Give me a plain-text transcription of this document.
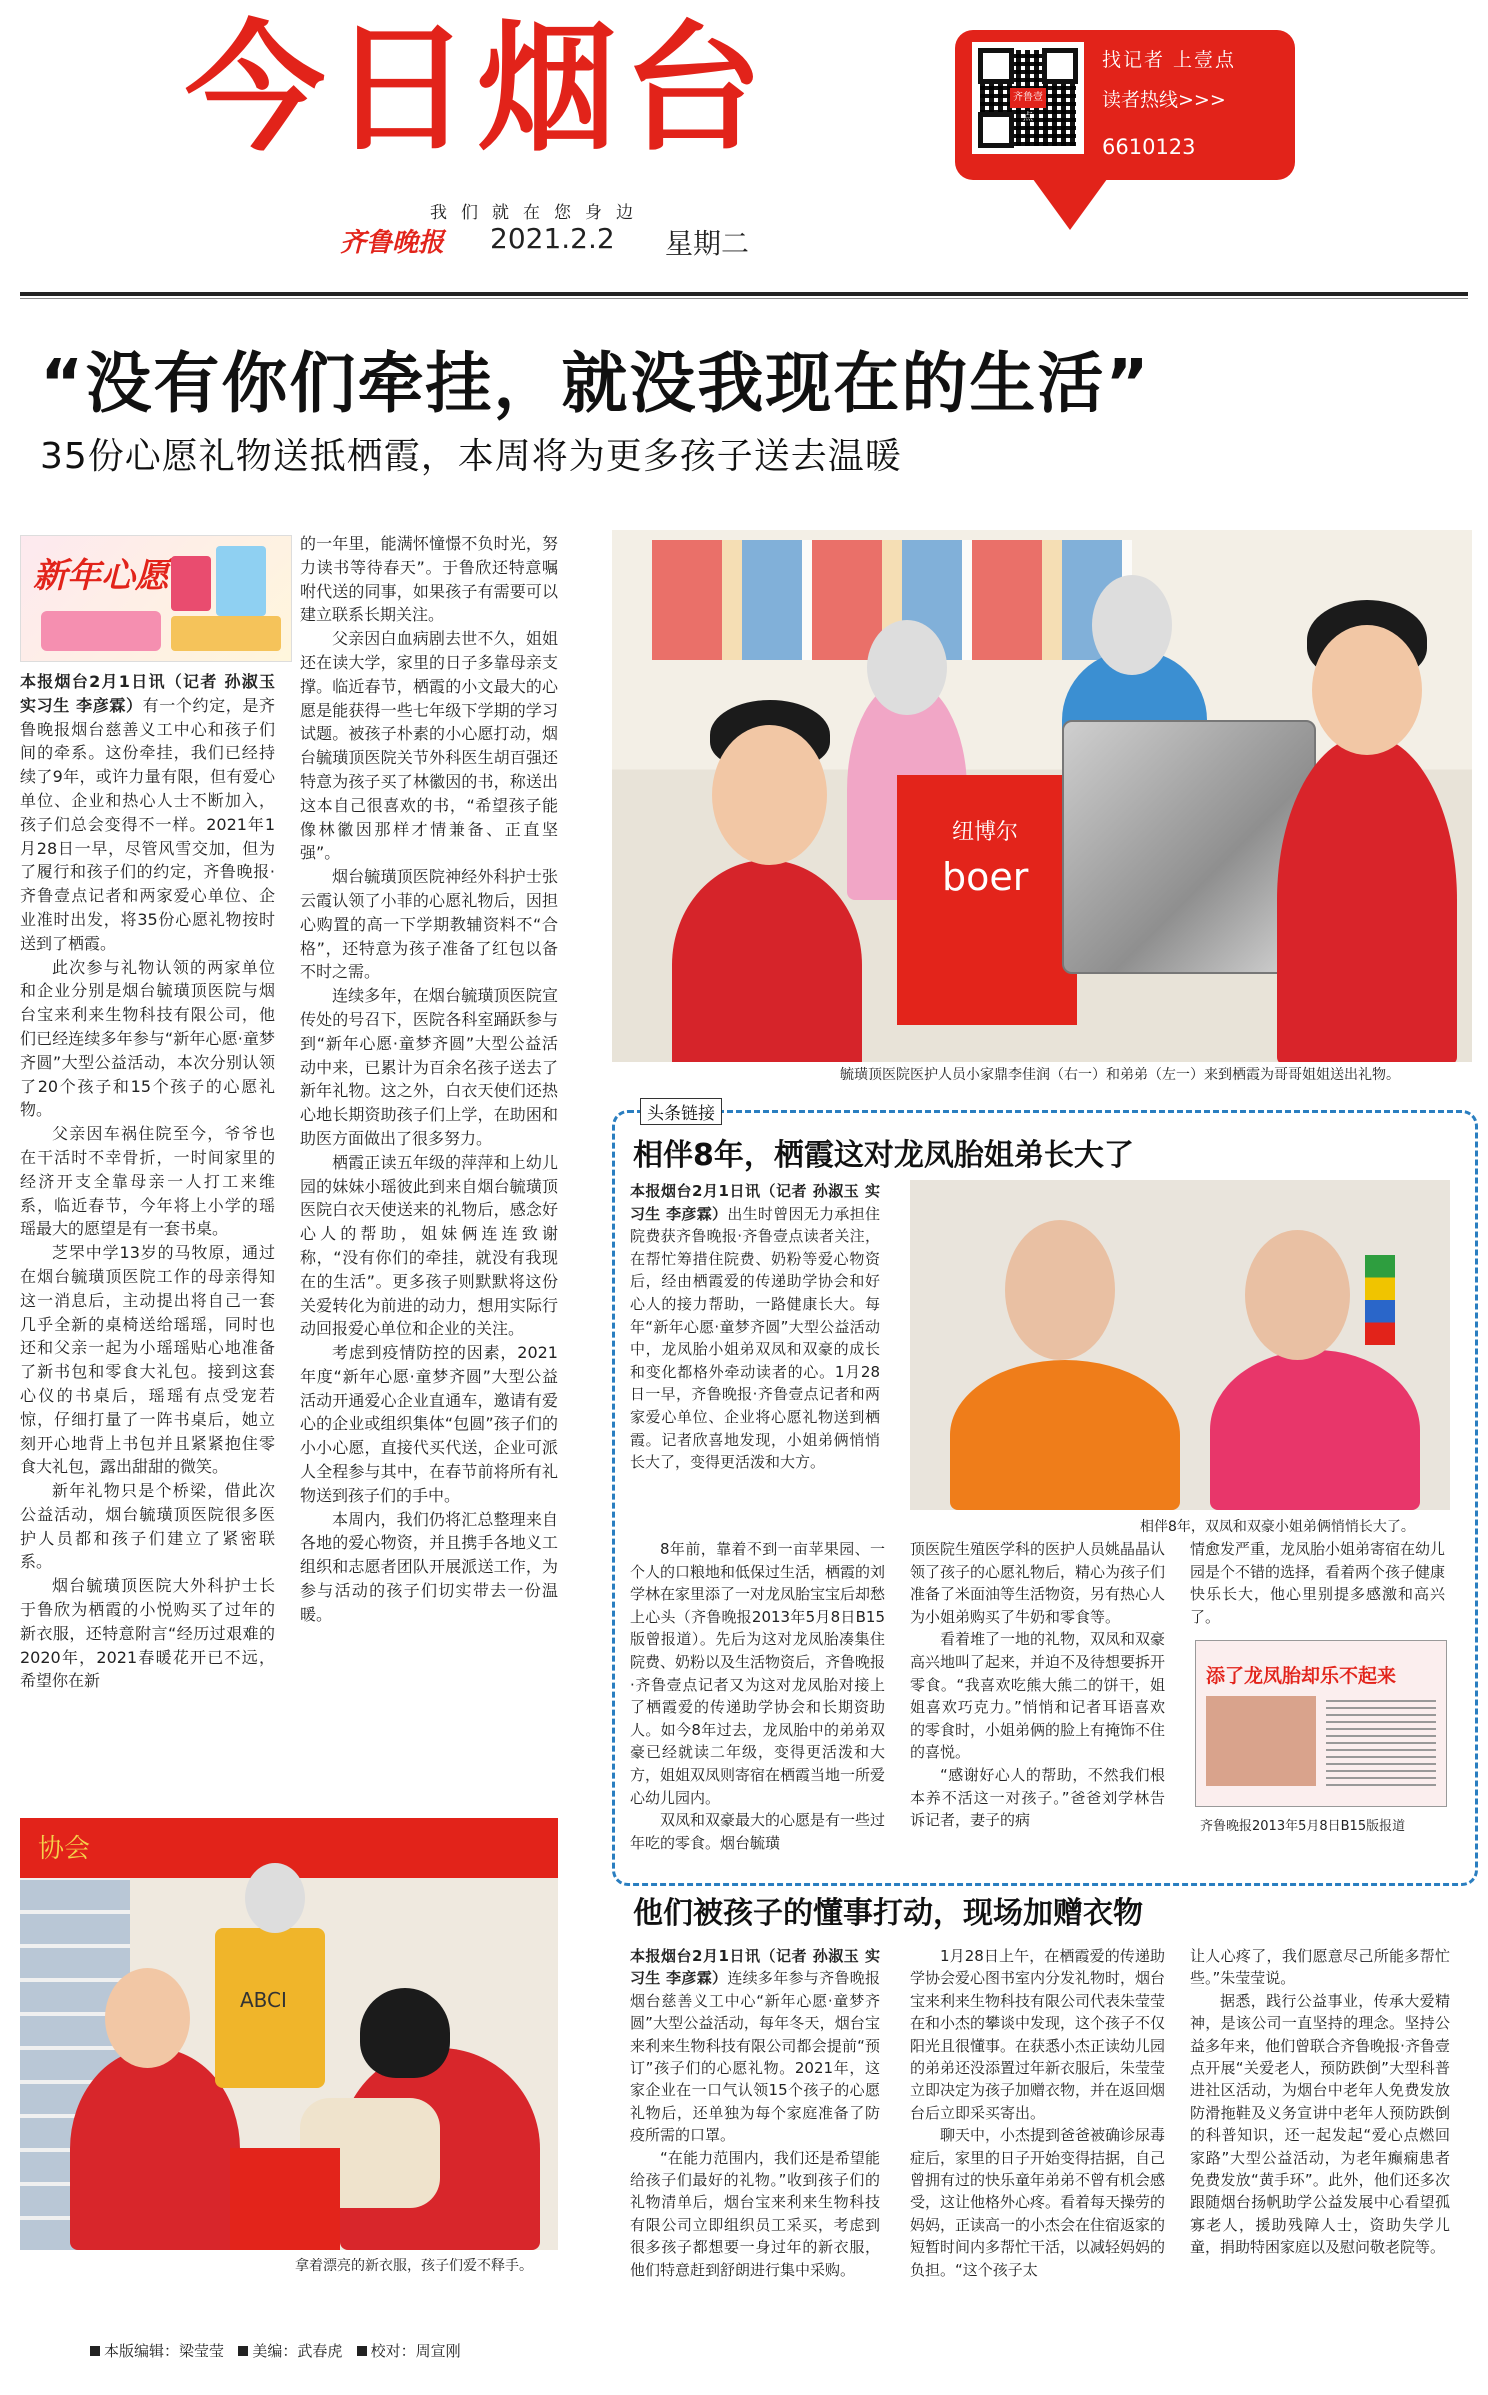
今日烟台
我们就在您身边
齐鲁晚报 2021.2.2 星期二
齐鲁壹点
找记者 上壹点
读者热线>>>
6610123
“没有你们牵挂，就没我现在的生活”
35份心愿礼物送抵栖霞，本周将为更多孩子送去温暖
新年心愿

本报烟台2月1日讯（记者 孙淑玉 实习生 李彦霖）有一个约定，是齐鲁晚报烟台慈善义工中心和孩子们间的牵系。这份牵挂，我们已经持续了9年，或许力量有限，但有爱心单位、企业和热心人士不断加入，孩子们总会变得不一样。2021年1月28日一早，尽管风雪交加，但为了履行和孩子们的约定，齐鲁晚报·齐鲁壹点记者和两家爱心单位、企业准时出发，将35份心愿礼物按时送到了栖霞。

此次参与礼物认领的两家单位和企业分别是烟台毓璜顶医院与烟台宝来利来生物科技有限公司，他们已经连续多年参与“新年心愿·童梦齐圆”大型公益活动，本次分别认领了20个孩子和15个孩子的心愿礼物。

父亲因车祸住院至今，爷爷也在干活时不幸骨折，一时间家里的经济开支全靠母亲一人打工来维系，临近春节，今年将上小学的瑶瑶最大的愿望是有一套书桌。

芝罘中学13岁的马牧原，通过在烟台毓璜顶医院工作的母亲得知这一消息后，主动提出将自己一套几乎全新的桌椅送给瑶瑶，同时也还和父亲一起为小瑶瑶贴心地准备了新书包和零食大礼包。接到这套心仪的书桌后，瑶瑶有点受宠若惊，仔细打量了一阵书桌后，她立刻开心地背上书包并且紧紧抱住零食大礼包，露出甜甜的微笑。

新年礼物只是个桥梁，借此次公益活动，烟台毓璜顶医院很多医护人员都和孩子们建立了紧密联系。

烟台毓璜顶医院大外科护士长于鲁欣为栖霞的小悦购买了过年的新衣服，还特意附言“经历过艰难的2020年，2021春暖花开已不远，希望你在新

的一年里，能满怀憧憬不负时光，努力读书等待春天”。于鲁欣还特意嘱咐代送的同事，如果孩子有需要可以建立联系长期关注。

父亲因白血病剧去世不久，姐姐还在读大学，家里的日子多靠母亲支撑。临近春节，栖霞的小文最大的心愿是能获得一些七年级下学期的学习试题。被孩子朴素的小心愿打动，烟台毓璜顶医院关节外科医生胡百强还特意为孩子买了林徽因的书，称送出这本自己很喜欢的书，“希望孩子能像林徽因那样才情兼备、正直坚强”。

烟台毓璜顶医院神经外科护士张云霞认领了小菲的心愿礼物后，因担心购置的高一下学期教辅资料不“合格”，还特意为孩子准备了红包以备不时之需。

连续多年，在烟台毓璜顶医院宣传处的号召下，医院各科室踊跃参与到“新年心愿·童梦齐圆”大型公益活动中来，已累计为百余名孩子送去了新年礼物。这之外，白衣天使们还热心地长期资助孩子们上学，在助困和助医方面做出了很多努力。

栖霞正读五年级的萍萍和上幼儿园的妹妹小瑶彼此到来自烟台毓璜顶医院白衣天使送来的礼物后，感念好心人的帮助，姐妹俩连连致谢称，“没有你们的牵挂，就没有我现在的生活”。更多孩子则默默将这份关爱转化为前进的动力，想用实际行动回报爱心单位和企业的关注。

考虑到疫情防控的因素，2021年度“新年心愿·童梦齐圆”大型公益活动开通爱心企业直通车，邀请有爱心的企业或组织集体“包圆”孩子们的小小心愿，直接代买代送，企业可派人全程参与其中，在春节前将所有礼物送到孩子们的手中。

本周内，我们仍将汇总整理来自各地的爱心物资，并且携手各地义工组织和志愿者团队开展派送工作，为参与活动的孩子们切实带去一份温暖。

boer
纽博尔
毓璜顶医院医护人员小家鼎李佳润（右一）和弟弟（左一）来到栖霞为哥哥姐姐送出礼物。
头条链接
相伴8年，栖霞这对龙凤胎姐弟长大了

本报烟台2月1日讯（记者 孙淑玉 实习生 李彦霖）出生时曾因无力承担住院费获齐鲁晚报·齐鲁壹点读者关注，在帮忙筹措住院费、奶粉等爱心物资后，经由栖霞爱的传递助学协会和好心人的接力帮助，一路健康长大。每年“新年心愿·童梦齐圆”大型公益活动中，龙凤胎小姐弟双凤和双豪的成长和变化都格外牵动读者的心。1月28日一早，齐鲁晚报·齐鲁壹点记者和两家爱心单位、企业将心愿礼物送到栖霞。记者欣喜地发现，小姐弟俩悄悄长大了，变得更活泼和大方。

相伴8年，双凤和双豪小姐弟俩悄悄长大了。

8年前，靠着不到一亩苹果园、一个人的口粮地和低保过生活，栖霞的刘学林在家里添了一对龙凤胎宝宝后却愁上心头（齐鲁晚报2013年5月8日B15版曾报道）。先后为这对龙凤胎凑集住院费、奶粉以及生活物资后，齐鲁晚报·齐鲁壹点记者又为这对龙凤胎对接上了栖霞爱的传递助学协会和长期资助人。如今8年过去，龙凤胎中的弟弟双豪已经就读二年级，变得更活泼和大方，姐姐双凤则寄宿在栖霞当地一所爱心幼儿园内。

双凤和双豪最大的心愿是有一些过年吃的零食。烟台毓璜

顶医院生殖医学科的医护人员姚晶晶认领了孩子的心愿礼物后，精心为孩子们准备了米面油等生活物资，另有热心人为小姐弟购买了牛奶和零食等。

看着堆了一地的礼物，双凤和双豪高兴地叫了起来，并迫不及待想要拆开零食。“我喜欢吃熊大熊二的饼干，姐姐喜欢巧克力。”悄悄和记者耳语喜欢的零食时，小姐弟俩的脸上有掩饰不住的喜悦。

“感谢好心人的帮助，不然我们根本养不活这一对孩子。”爸爸刘学林告诉记者，妻子的病

情愈发严重，龙凤胎小姐弟寄宿在幼儿园是个不错的选择，看着两个孩子健康快乐长大，他心里别提多感激和高兴了。

添了龙凤胎却乐不起来
齐鲁晚报2013年5月8日B15版报道
他们被孩子的懂事打动，现场加赠衣物

本报烟台2月1日讯（记者 孙淑玉 实习生 李彦霖）连续多年参与齐鲁晚报烟台慈善义工中心“新年心愿·童梦齐圆”大型公益活动，每年冬天，烟台宝来利来生物科技有限公司都会提前“预订”孩子们的心愿礼物。2021年，这家企业在一口气认领15个孩子的心愿礼物后，还单独为每个家庭准备了防疫所需的口罩。

“在能力范围内，我们还是希望能给孩子们最好的礼物。”收到孩子们的礼物清单后，烟台宝来利来生物科技有限公司立即组织员工采买，考虑到很多孩子都想要一身过年的新衣服，他们特意赶到舒朗进行集中采购。

1月28日上午，在栖霞爱的传递助学协会爱心图书室内分发礼物时，烟台宝来利来生物科技有限公司代表朱莹莹在和小杰的攀谈中发现，这个孩子不仅阳光且很懂事。在获悉小杰正读幼儿园的弟弟还没添置过年新衣服后，朱莹莹立即决定为孩子加赠衣物，并在返回烟台后立即采买寄出。

聊天中，小杰提到爸爸被确诊尿毒症后，家里的日子开始变得拮据，自己曾拥有过的快乐童年弟弟不曾有机会感受，这让他格外心疼。看着每天操劳的妈妈，正读高一的小杰会在住宿返家的短暂时间内多帮忙干活，以减轻妈妈的负担。“这个孩子太

让人心疼了，我们愿意尽己所能多帮忙些。”朱莹莹说。

据悉，践行公益事业，传承大爱精神，是该公司一直坚持的理念。坚持公益多年来，他们曾联合齐鲁晚报·齐鲁壹点开展“关爱老人，预防跌倒”大型科普进社区活动，为烟台中老年人免费发放防滑拖鞋及义务宣讲中老年人预防跌倒的科普知识，还一起发起“爱心点燃回家路”大型公益活动，为老年癫痫患者免费发放“黄手环”。此外，他们还多次跟随烟台扬帆助学公益发展中心看望孤寡老人，援助残障人士，资助失学儿童，捐助特困家庭以及慰问敬老院等。

协会
ABCI
拿着漂亮的新衣服，孩子们爱不释手。
本版编辑：梁莹莹 美编：武春虎 校对：周宣刚
